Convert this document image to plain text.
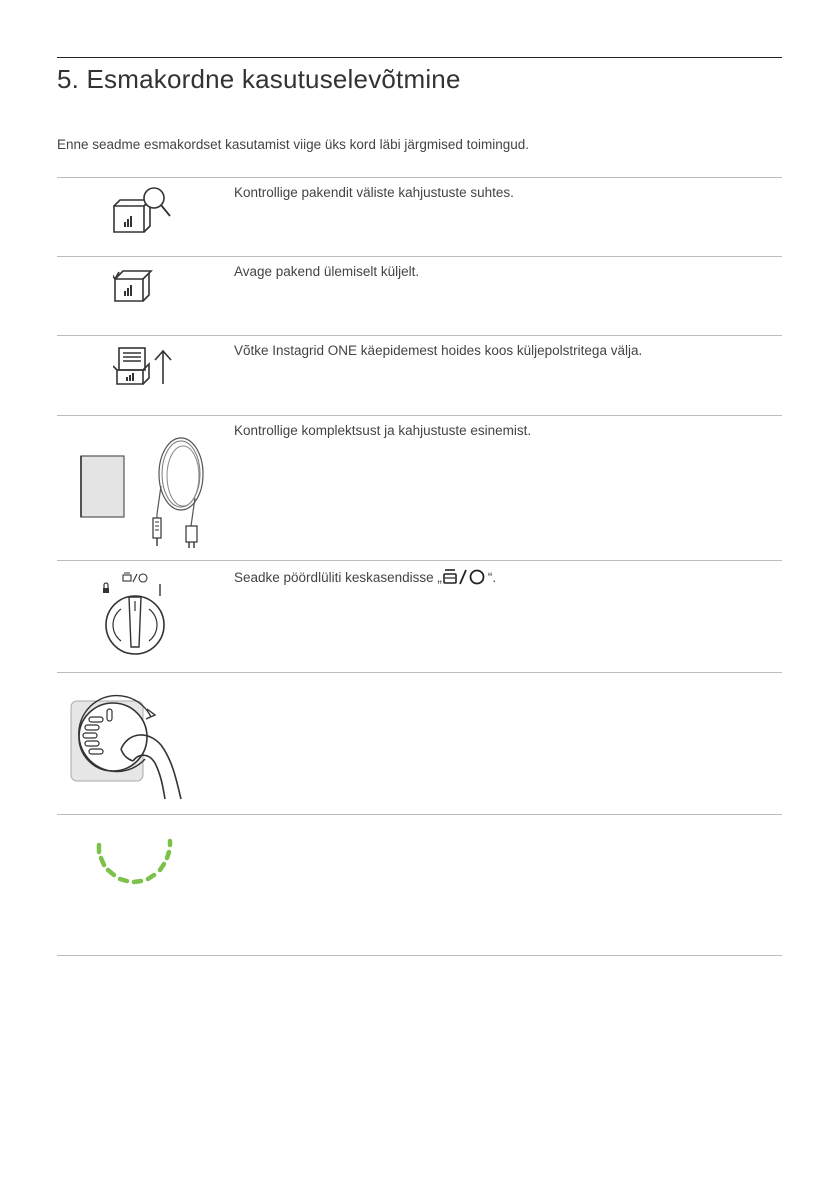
5. Esmakordne kasutuselevõtmine

Enne seadme esmakordset kasutamist viige üks kord läbi järgmised toimingud.

Kontrollige pakendit väliste kahjustuste suhtes.
Avage pakend ülemiselt küljelt.
Võtke Instagrid ONE käepidemest hoides koos küljepolstritega välja.
Kontrollige komplektsust ja kahjustuste esinemist.
Seadke pöördlüliti keskasendisse „	“.
